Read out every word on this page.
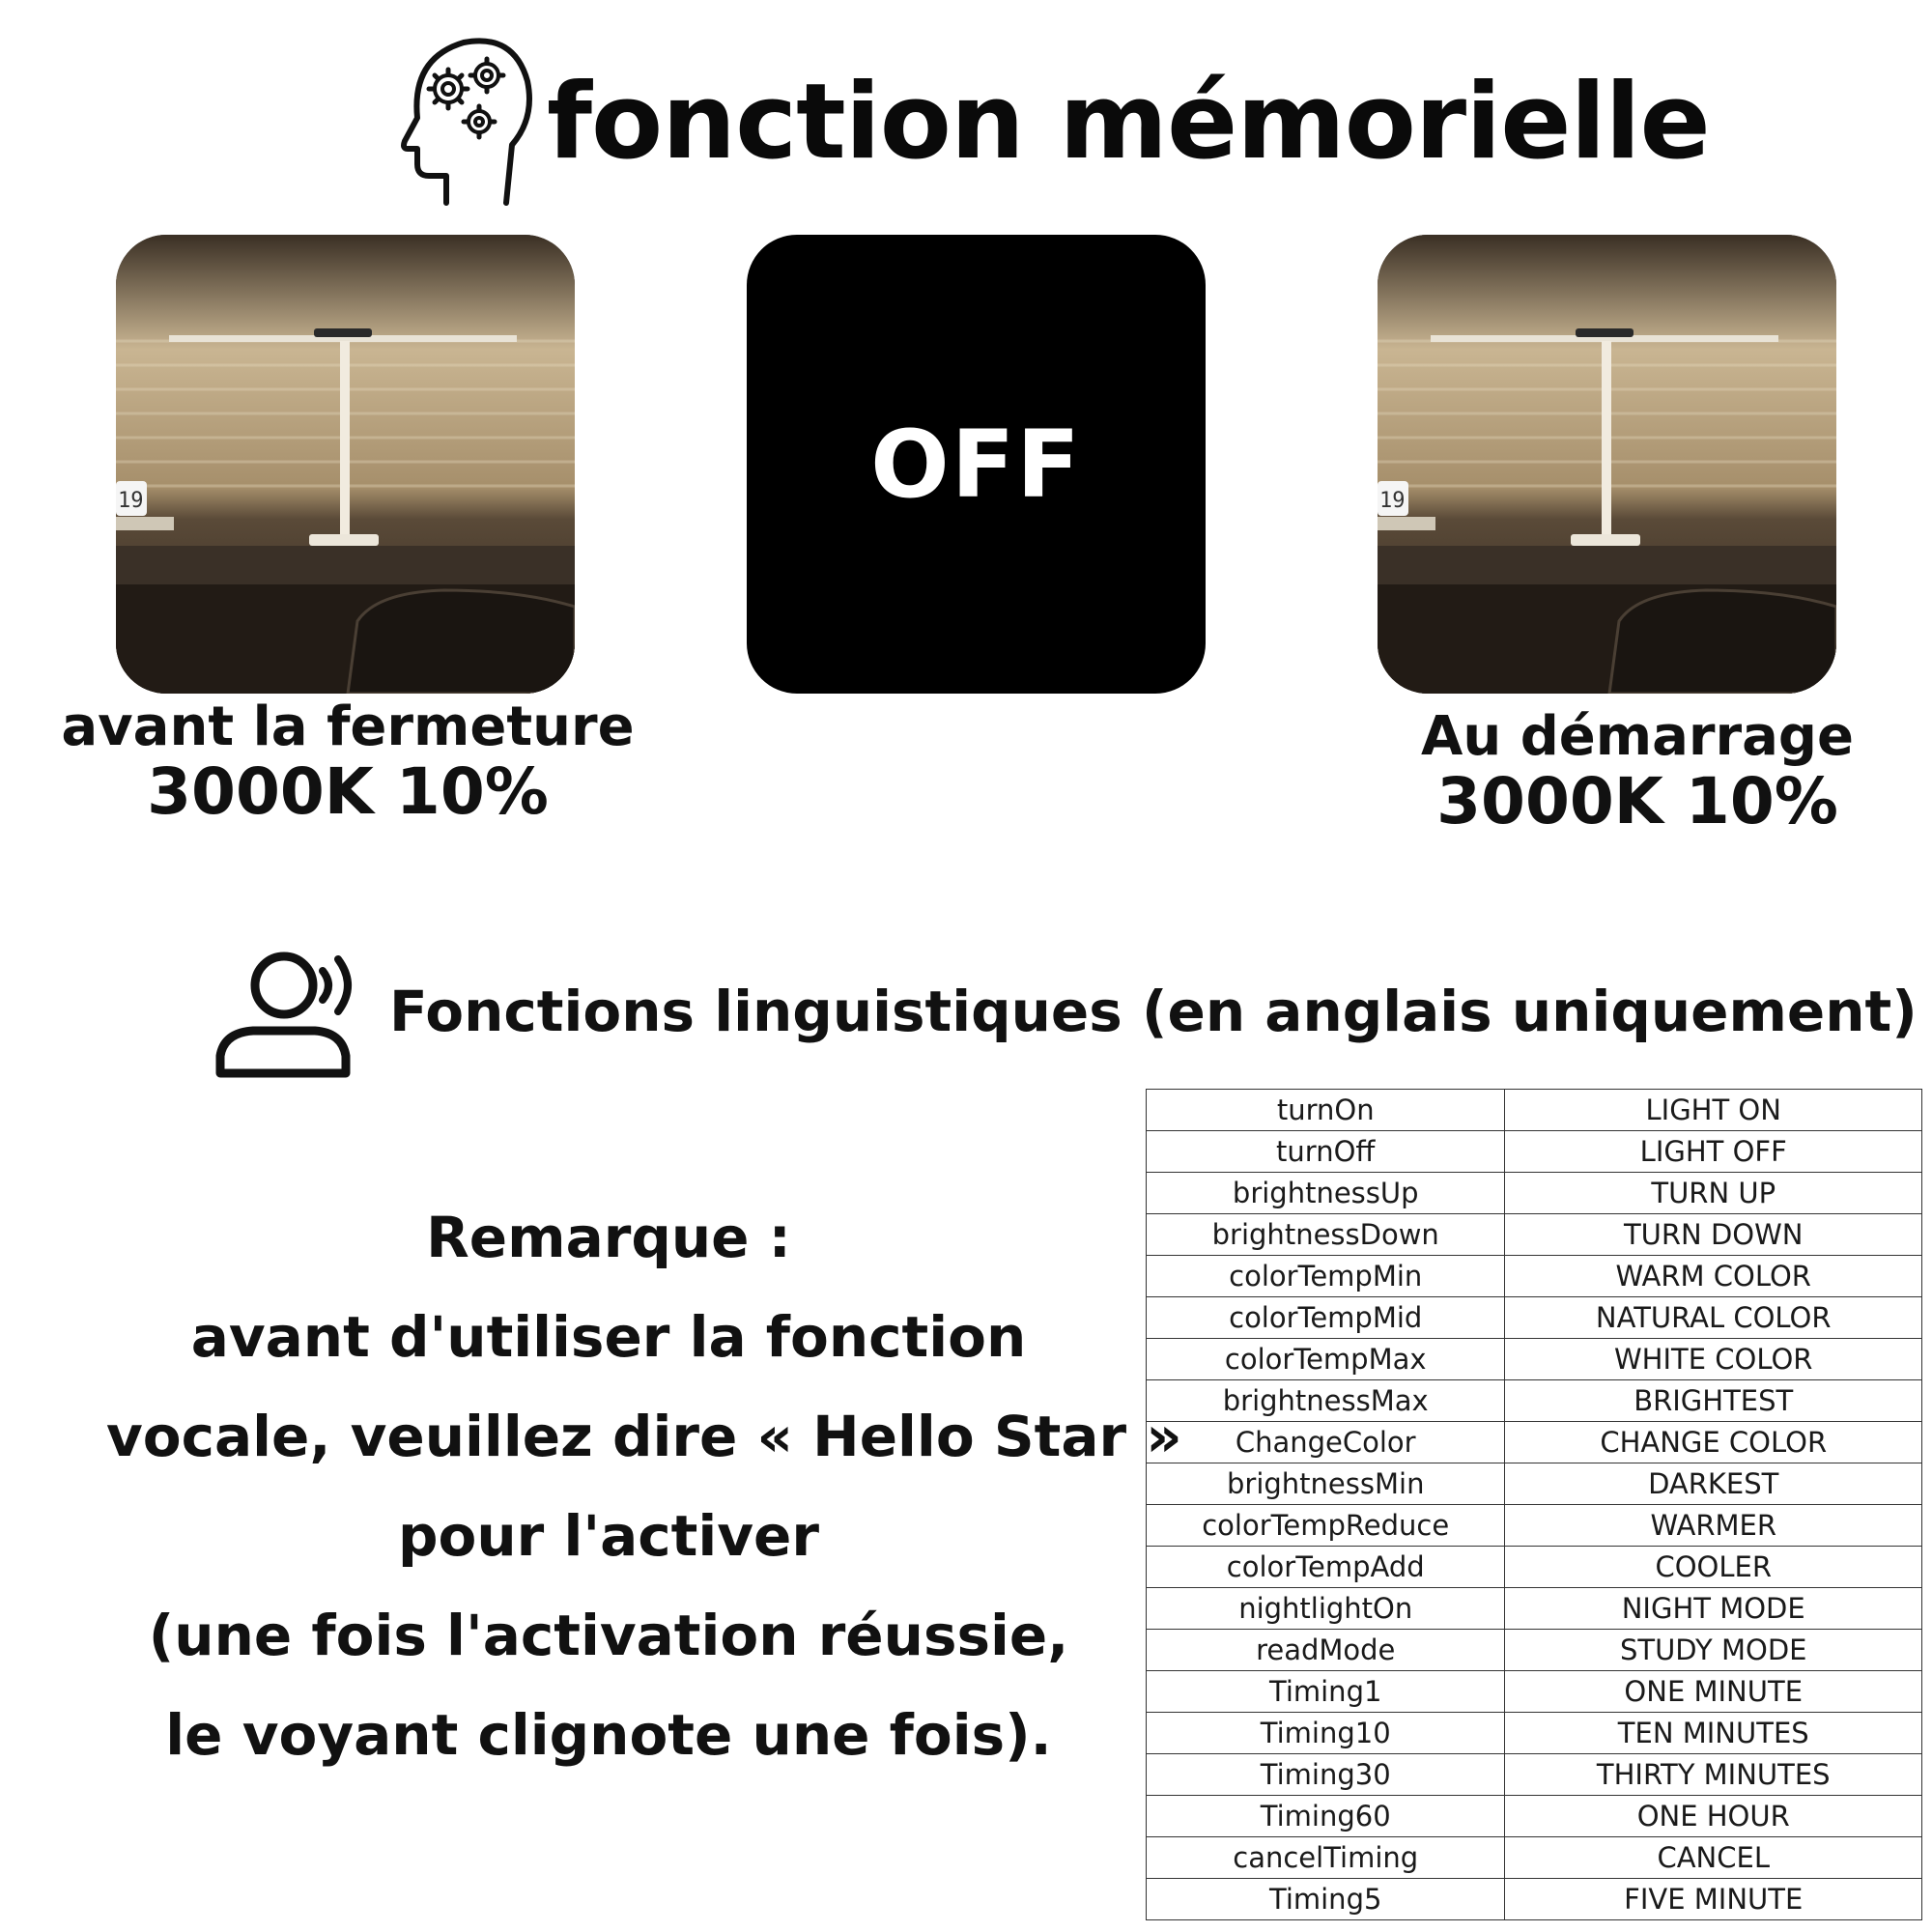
fonction mémorielle
19	OFF	19
avant la fermeture
3000K 10%
Au démarrage
3000K 10%
Fonctions linguistiques (en anglais uniquement)
Remarque :
avant d'utiliser la fonction
vocale, veuillez dire « Hello Star »
pour l'activer
(une fois l'activation réussie,
le voyant clignote une fois).
turnOn	LIGHT ON
turnOff	LIGHT OFF
brightnessUp	TURN UP
brightnessDown	TURN DOWN
colorTempMin	WARM COLOR
colorTempMid	NATURAL COLOR
colorTempMax	WHITE COLOR
brightnessMax	BRIGHTEST
ChangeColor	CHANGE COLOR
brightnessMin	DARKEST
colorTempReduce	WARMER
colorTempAdd	COOLER
nightlightOn	NIGHT MODE
readMode	STUDY MODE
Timing1	ONE MINUTE
Timing10	TEN MINUTES
Timing30	THIRTY MINUTES
Timing60	ONE HOUR
cancelTiming	CANCEL
Timing5	FIVE MINUTE
